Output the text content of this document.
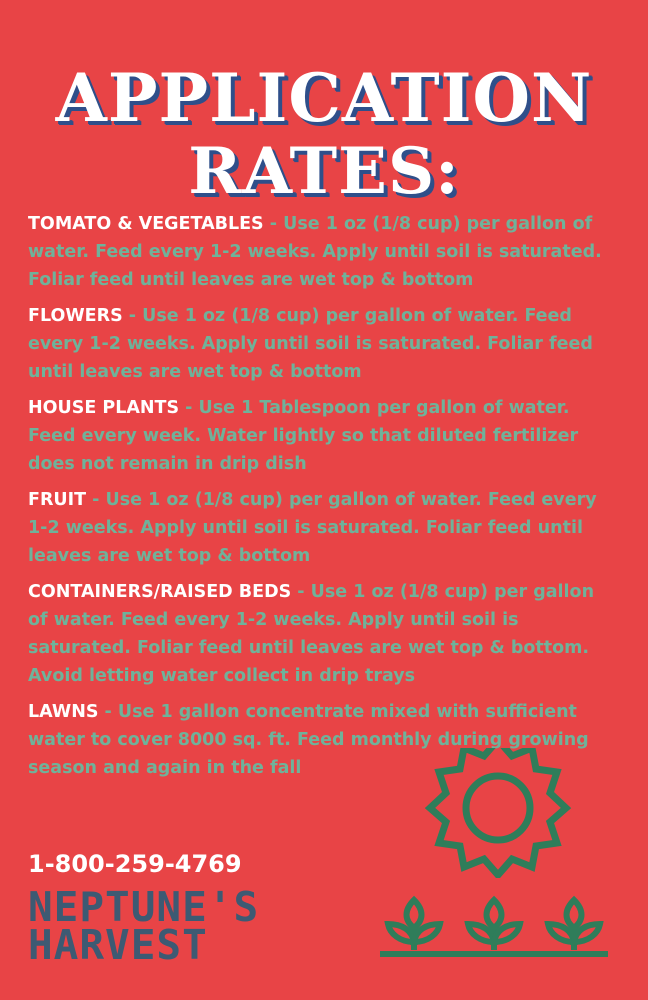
APPLICATION
RATES:

TOMATO & VEGETABLES - Use 1 oz (1/8 cup) per gallon of water. Feed every 1-2 weeks. Apply until soil is saturated. Foliar feed until leaves are wet top & bottom

FLOWERS - Use 1 oz (1/8 cup) per gallon of water. Feed every 1-2 weeks. Apply until soil is saturated. Foliar feed until leaves are wet top & bottom

HOUSE PLANTS - Use 1 Tablespoon per gallon of water. Feed every week. Water lightly so that diluted fertilizer does not remain in drip dish

FRUIT - Use 1 oz (1/8 cup) per gallon of water. Feed every 1-2 weeks. Apply until soil is saturated. Foliar feed until leaves are wet top & bottom

CONTAINERS/RAISED BEDS - Use 1 oz (1/8 cup) per gallon of water. Feed every 1-2 weeks. Apply until soil is saturated. Foliar feed until leaves are wet top & bottom. Avoid letting water collect in drip trays

LAWNS - Use 1 gallon concentrate mixed with sufficient water to cover 8000 sq. ft. Feed monthly during growing season and again in the fall

1-800-259-4769

NEPTUNE'S
HARVEST
